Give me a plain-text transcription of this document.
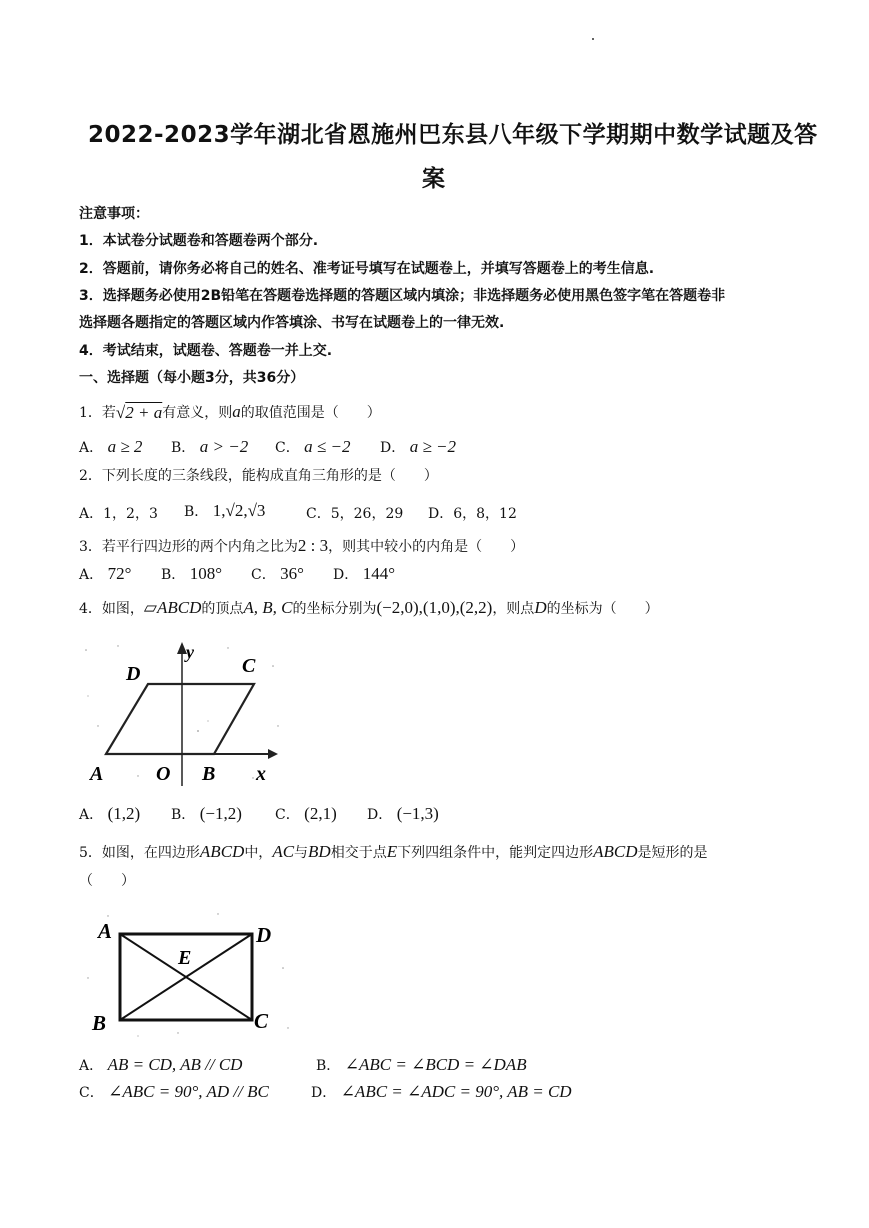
2022-2023学年湖北省恩施州巴东县八年级下学期期中数学试题及答
案
注意事项：
1．本试卷分试题卷和答题卷两个部分.
2．答题前，请你务必将自己的姓名、准考证号填写在试题卷上，并填写答题卷上的考生信息.
3．选择题务必使用2B铅笔在答题卷选择题的答题区域内填涂；非选择题务必使用黑色签字笔在答题卷非
选择题各题指定的答题区域内作答填涂、书写在试题卷上的一律无效.
4．考试结束，试题卷、答题卷一并上交.
一、选择题（每小题3分，共36分）
1．若√2 + a有意义，则a的取值范围是（　　）
A． a ≥ 2 B． a > −2 C． a ≤ −2 D． a ≥ −2
2．下列长度的三条线段，能构成直角三角形的是（　　）
A．1，2，3 B． 1,√2,√3	C．5，26，29 D．6，8，12
3．若平行四边形的两个内角之比为2 : 3，则其中较小的内角是（　　）
A． 72° B． 108° C． 36° D． 144°
4．如图，▱ABCD的顶点A, B, C的坐标分别为(−2,0),(1,0),(2,2)，则点D的坐标为（　　）
D	C
y
A	O B x
A． (1,2) B． (−1,2) C． (2,1) D． (−1,3)
5．如图，在四边形ABCD中，AC与BD相交于点E下列四组条件中，能判定四边形ABCD是短形的是
（　　）
A	D
E
B	C
A． AB = CD, AB // CD	B． ∠ABC = ∠BCD = ∠DAB
C． ∠ABC = 90°, AD // BC	D． ∠ABC = ∠ADC = 90°, AB = CD
